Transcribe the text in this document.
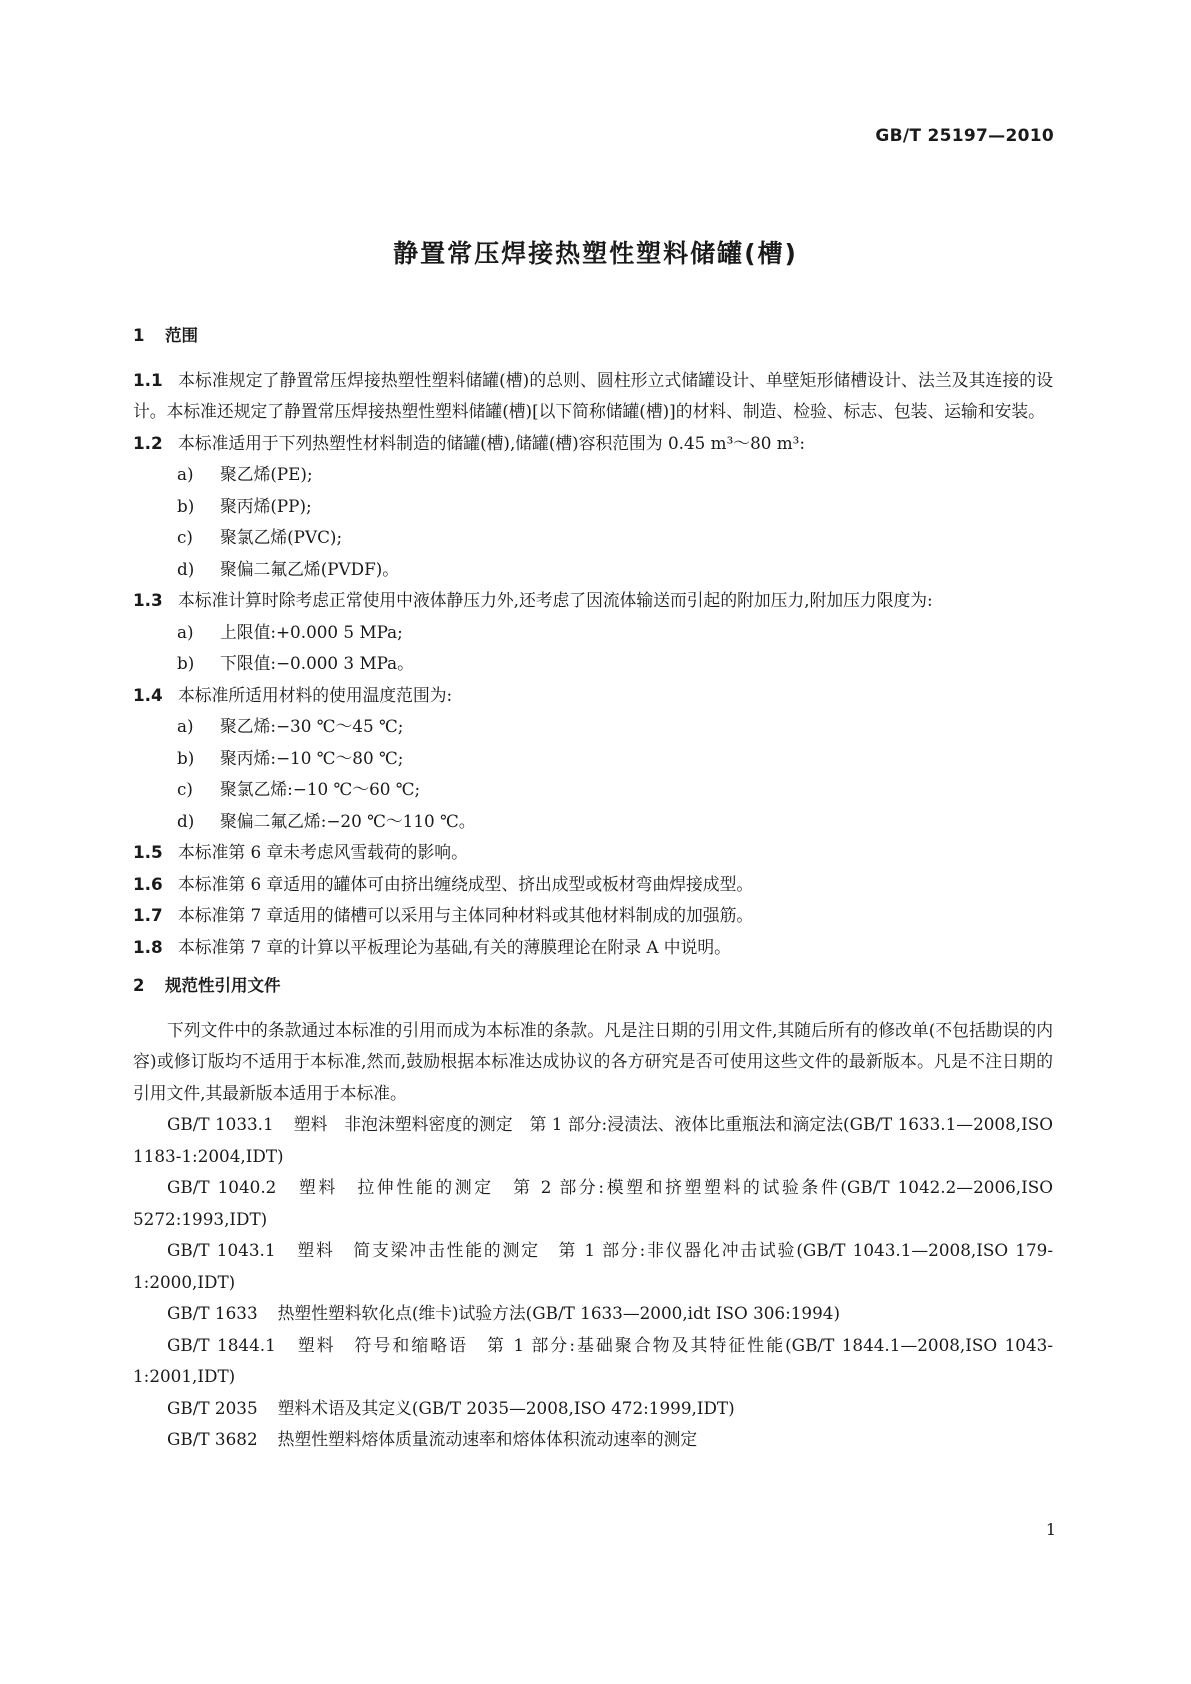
GB/T 25197—2010
静置常压焊接热塑性塑料储罐(槽)
1 范围

1.1 本标准规定了静置常压焊接热塑性塑料储罐(槽)的总则、圆柱形立式储罐设计、单壁矩形储槽设计、法兰及其连接的设计。本标准还规定了静置常压焊接热塑性塑料储罐(槽)[以下简称储罐(槽)]的材料、制造、检验、标志、包装、运输和安装。

1.2 本标准适用于下列热塑性材料制造的储罐(槽),储罐(槽)容积范围为 0.45 m³～80 m³:

a) 聚乙烯(PE);

b) 聚丙烯(PP);

c) 聚氯乙烯(PVC);

d) 聚偏二氟乙烯(PVDF)。

1.3 本标准计算时除考虑正常使用中液体静压力外,还考虑了因流体输送而引起的附加压力,附加压力限度为:

a) 上限值:+0.000 5 MPa;

b) 下限值:−0.000 3 MPa。

1.4 本标准所适用材料的使用温度范围为:

a) 聚乙烯:−30 ℃～45 ℃;

b) 聚丙烯:−10 ℃～80 ℃;

c) 聚氯乙烯:−10 ℃～60 ℃;

d) 聚偏二氟乙烯:−20 ℃～110 ℃。

1.5 本标准第 6 章未考虑风雪载荷的影响。

1.6 本标准第 6 章适用的罐体可由挤出缠绕成型、挤出成型或板材弯曲焊接成型。

1.7 本标准第 7 章适用的储槽可以采用与主体同种材料或其他材料制成的加强筋。

1.8 本标准第 7 章的计算以平板理论为基础,有关的薄膜理论在附录 A 中说明。

2 规范性引用文件

下列文件中的条款通过本标准的引用而成为本标准的条款。凡是注日期的引用文件,其随后所有的修改单(不包括勘误的内容)或修订版均不适用于本标准,然而,鼓励根据本标准达成协议的各方研究是否可使用这些文件的最新版本。凡是不注日期的引用文件,其最新版本适用于本标准。

GB/T 1033.1 塑料　非泡沫塑料密度的测定　第 1 部分:浸渍法、液体比重瓶法和滴定法(GB/T 1633.1—2008,ISO 1183-1:2004,IDT)

GB/T 1040.2 塑料　拉伸性能的测定　第 2 部分:模塑和挤塑塑料的试验条件(GB/T 1042.2—2006,ISO 5272:1993,IDT)

GB/T 1043.1 塑料　简支梁冲击性能的测定　第 1 部分:非仪器化冲击试验(GB/T 1043.1—2008,ISO 179-1:2000,IDT)

GB/T 1633 热塑性塑料软化点(维卡)试验方法(GB/T 1633—2000,idt ISO 306:1994)

GB/T 1844.1 塑料　符号和缩略语　第 1 部分:基础聚合物及其特征性能(GB/T 1844.1—2008,ISO 1043-1:2001,IDT)

GB/T 2035 塑料术语及其定义(GB/T 2035—2008,ISO 472:1999,IDT)

GB/T 3682 热塑性塑料熔体质量流动速率和熔体体积流动速率的测定

1
